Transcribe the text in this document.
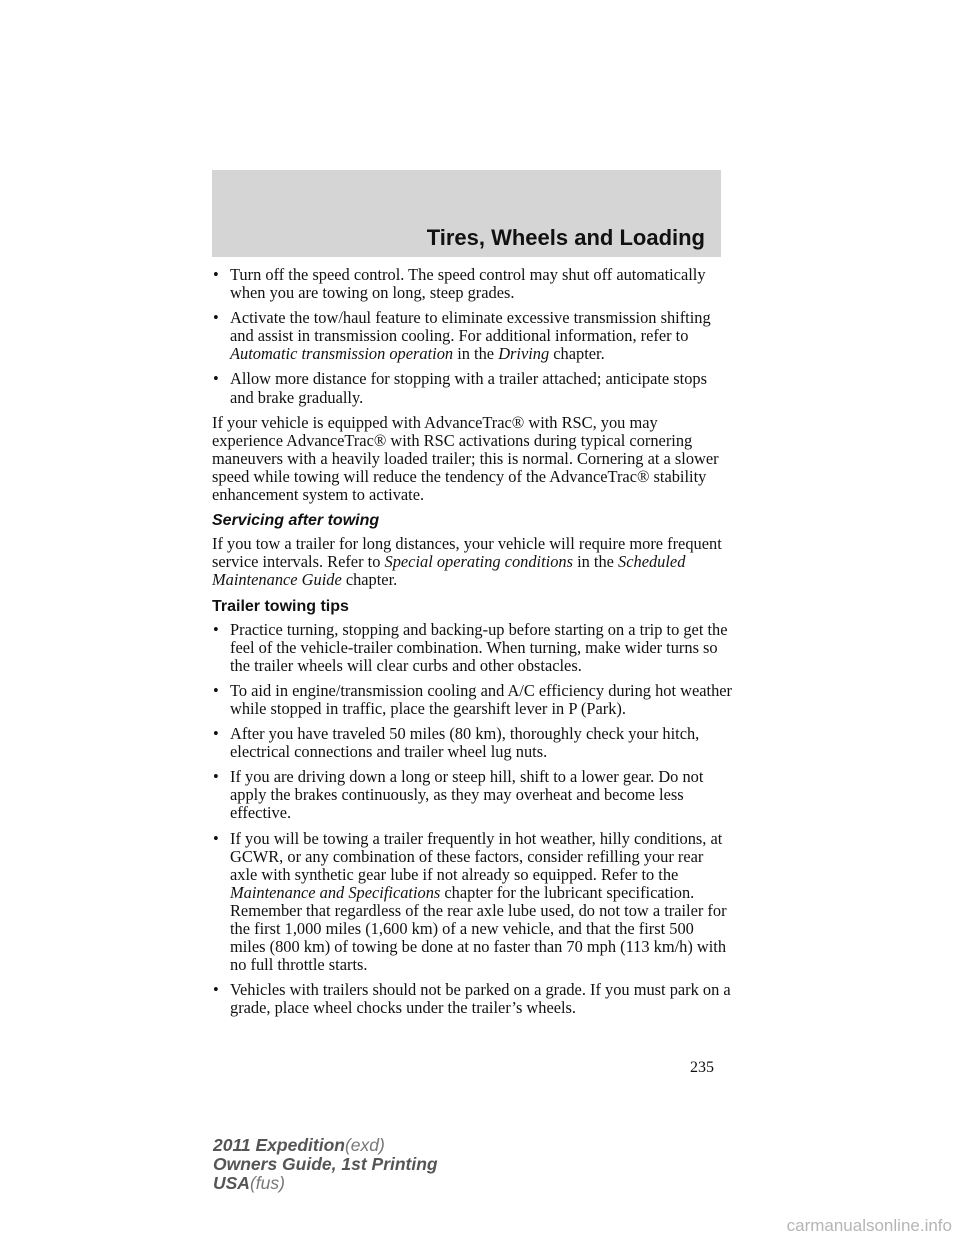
Tires, Wheels and Loading
• Turn off the speed control. The speed control may shut off automatically when you are towing on long, steep grades.
• Activate the tow/haul feature to eliminate excessive transmission shifting and assist in transmission cooling. For additional information, refer to Automatic transmission operation in the Driving chapter.
• Allow more distance for stopping with a trailer attached; anticipate stops and brake gradually.
If your vehicle is equipped with AdvanceTrac® with RSC, you may experience AdvanceTrac® with RSC activations during typical cornering maneuvers with a heavily loaded trailer; this is normal. Cornering at a slower speed while towing will reduce the tendency of the AdvanceTrac® stability enhancement system to activate.
Servicing after towing
If you tow a trailer for long distances, your vehicle will require more frequent service intervals. Refer to Special operating conditions in the Scheduled Maintenance Guide chapter.
Trailer towing tips
• Practice turning, stopping and backing-up before starting on a trip to get the feel of the vehicle-trailer combination. When turning, make wider turns so the trailer wheels will clear curbs and other obstacles.
• To aid in engine/transmission cooling and A/C efficiency during hot weather while stopped in traffic, place the gearshift lever in P (Park).
• After you have traveled 50 miles (80 km), thoroughly check your hitch, electrical connections and trailer wheel lug nuts.
• If you are driving down a long or steep hill, shift to a lower gear. Do not apply the brakes continuously, as they may overheat and become less effective.
• If you will be towing a trailer frequently in hot weather, hilly conditions, at GCWR, or any combination of these factors, consider refilling your rear axle with synthetic gear lube if not already so equipped. Refer to the Maintenance and Specifications chapter for the lubricant specification. Remember that regardless of the rear axle lube used, do not tow a trailer for the first 1,000 miles (1,600 km) of a new vehicle, and that the first 500 miles (800 km) of towing be done at no faster than 70 mph (113 km/h) with no full throttle starts.
• Vehicles with trailers should not be parked on a grade. If you must park on a grade, place wheel chocks under the trailer’s wheels.
235
2011 Expedition(exd)
Owners Guide, 1st Printing
USA(fus)
carmanualsonline.info
